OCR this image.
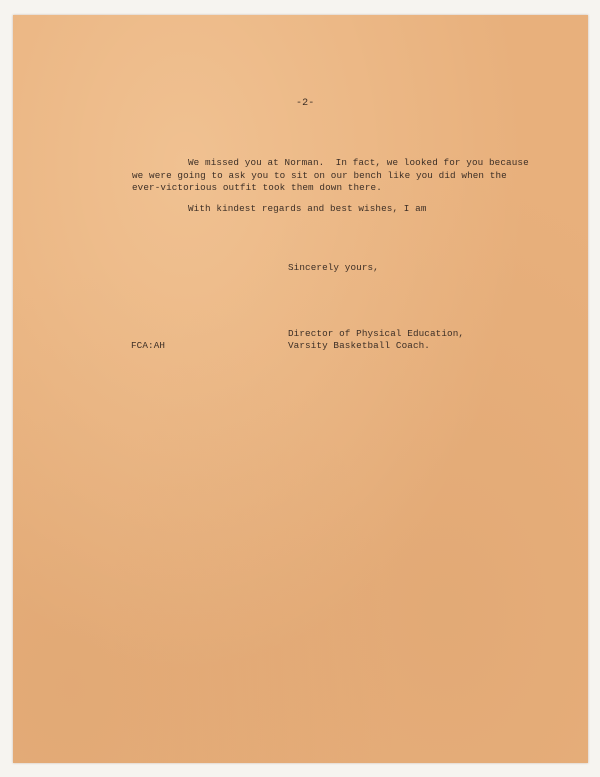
-2-
We missed you at Norman.  In fact, we looked for you because
we were going to ask you to sit on our bench like you did when the
ever-victorious outfit took them down there.
With kindest regards and best wishes, I am
Sincerely yours,
Director of Physical Education,
Varsity Basketball Coach.
FCA:AH
